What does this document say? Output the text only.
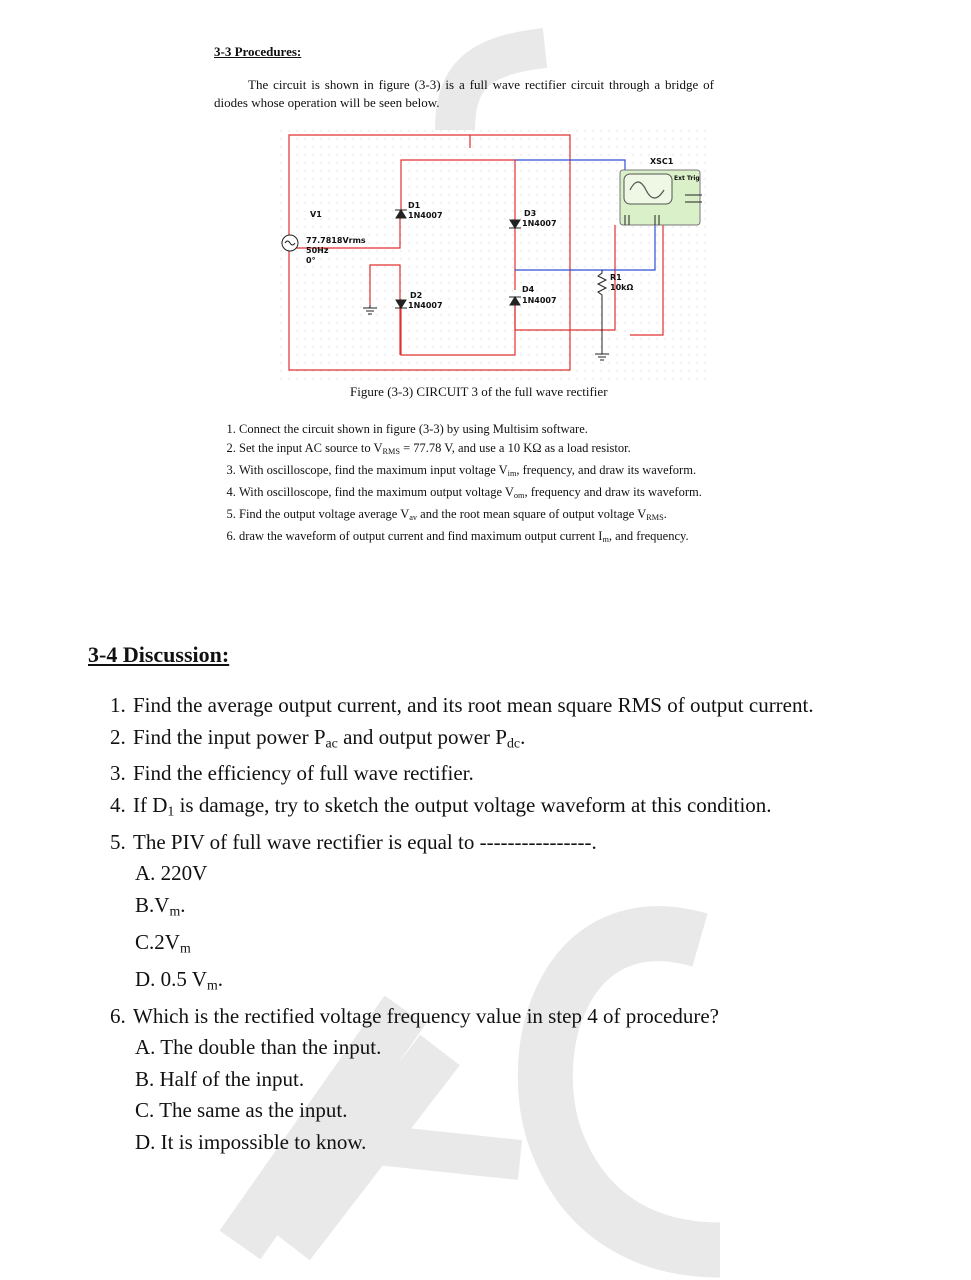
3-3 Procedures:
The circuit is shown in figure (3-3) is a full wave rectifier circuit through a bridge of diodes whose operation will be seen below.
V1
77.7818Vrms
50Hz
0°
D1
1N4007	D3
1N4007
D2
1N4007
D4
1N4007
R1
10kΩ
XSC1
Ext Trig
Figure (3-3) CIRCUIT 3 of the full wave rectifier
1. Connect the circuit shown in figure (3-3) by using Multisim software.
2. Set the input AC source to $V_{RMS} = 77.78$ V, and use a 10 KΩ as a load resistor.
3. With oscilloscope, find the maximum input voltage $V_{im}$, frequency, and draw its waveform.
4. With oscilloscope, find the maximum output voltage $V_{om}$, frequency and draw its waveform.
5. Find the output voltage average $V_{av}$ and the root mean square of output voltage $V_{RMS}$.
6. draw the waveform of output current and find maximum output current $I_m$, and frequency.
3-4 Discussion:
1. Find the average output current, and its root mean square RMS of output current.
2. Find the input power $P_{ac}$ and output power $P_{dc}$.
3. Find the efficiency of full wave rectifier.
4. If $D_1$ is damage, try to sketch the output voltage waveform at this condition.
5. The PIV of full wave rectifier is equal to ----------------.
A. 220V
$B.V_m$.
$C.2V_m$
D. 0.5 $V_m$.
6. Which is the rectified voltage frequency value in step 4 of procedure?
A. The double than the input.
B. Half of the input.
C. The same as the input.
D. It is impossible to know.
